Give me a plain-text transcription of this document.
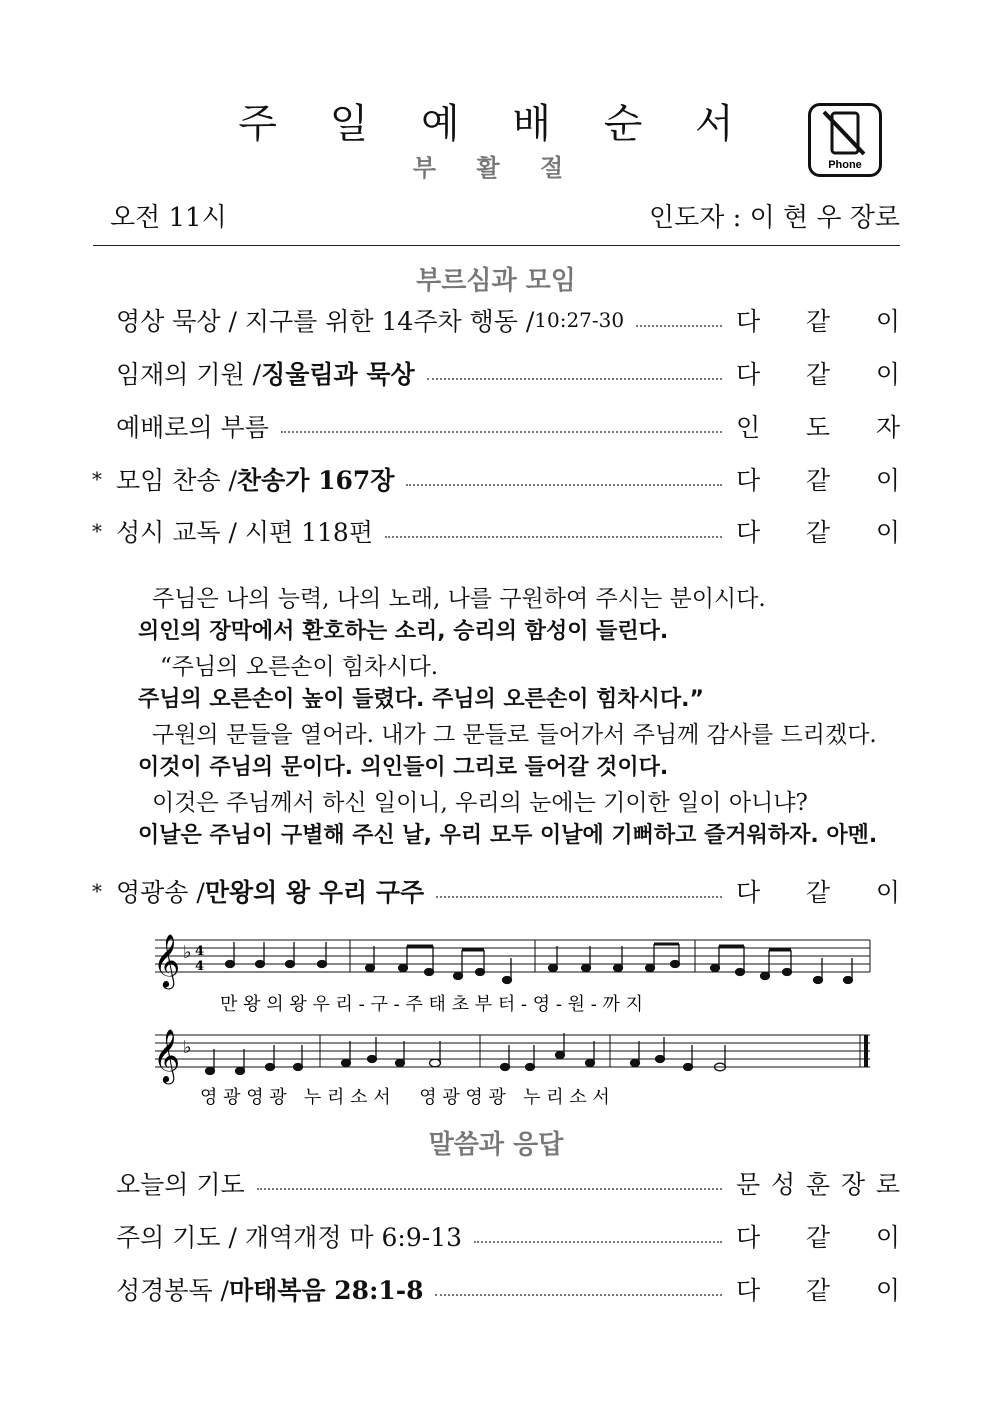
주 일 예 배 순 서
부 활 절	Phone
오전 11시	인도자 : 이 현 우 장로
부르심과 모임
영상 묵상 / 지구를 위한 14주차 행동 / 10:27-30	다 같 이
임재의 기원 / 징울림과 묵상	다 같 이
예배로의 부름	인 도 자
* 모임 찬송 / 찬송가 167장	다 같 이
* 성시 교독 / 시편 118편	다 같 이
주님은 나의 능력, 나의 노래, 나를 구원하여 주시는 분이시다.
의인의 장막에서 환호하는 소리, 승리의 함성이 들린다.
“주님의 오른손이 힘차시다.
주님의 오른손이 높이 들렸다. 주님의 오른손이 힘차시다.”
구원의 문들을 열어라. 내가 그 문들로 들어가서 주님께 감사를 드리겠다.
이것이 주님의 문이다. 의인들이 그리로 들어갈 것이다.
이것은 주님께서 하신 일이니, 우리의 눈에는 기이한 일이 아니냐?
이날은 주님이 구별해 주신 날, 우리 모두 이날에 기뻐하고 즐거워하자. 아멘.
* 영광송 / 만왕의 왕 우리 구주	다 같 이
𝄞 ♭ 4
4
만 왕 의 왕 우 리 - 구 - 주 태 초 부 터 - 영 - 원 - 까 지
𝄞 ♭
영 광 영 광   누 리 소 서     영 광 영 광   누 리 소 서
말씀과 응답
오늘의 기도	문 성 훈 장 로
주의 기도 / 개역개정 마 6:9-13	다 같 이
성경봉독 / 마태복음 28:1-8	다 같 이
